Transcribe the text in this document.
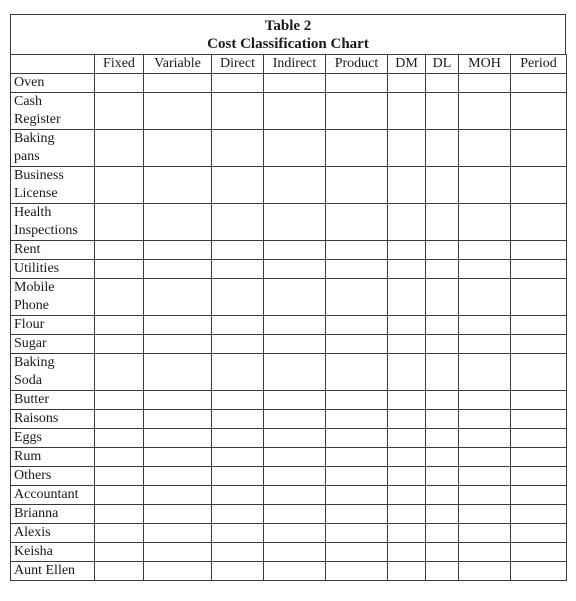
Table 2
Cost Classification Chart
	Fixed	Variable	Direct	Indirect	Product	DM	DL	MOH	Period

Oven									

Cash
Register									

Baking
pans									

Business
License									

Health
Inspections									

Rent									

Utilities									

Mobile
Phone									

Flour									

Sugar									

Baking
Soda									

Butter									

Raisons									

Eggs									

Rum									

Others									

Accountant									

Brianna									

Alexis									

Keisha									

Aunt Ellen									
